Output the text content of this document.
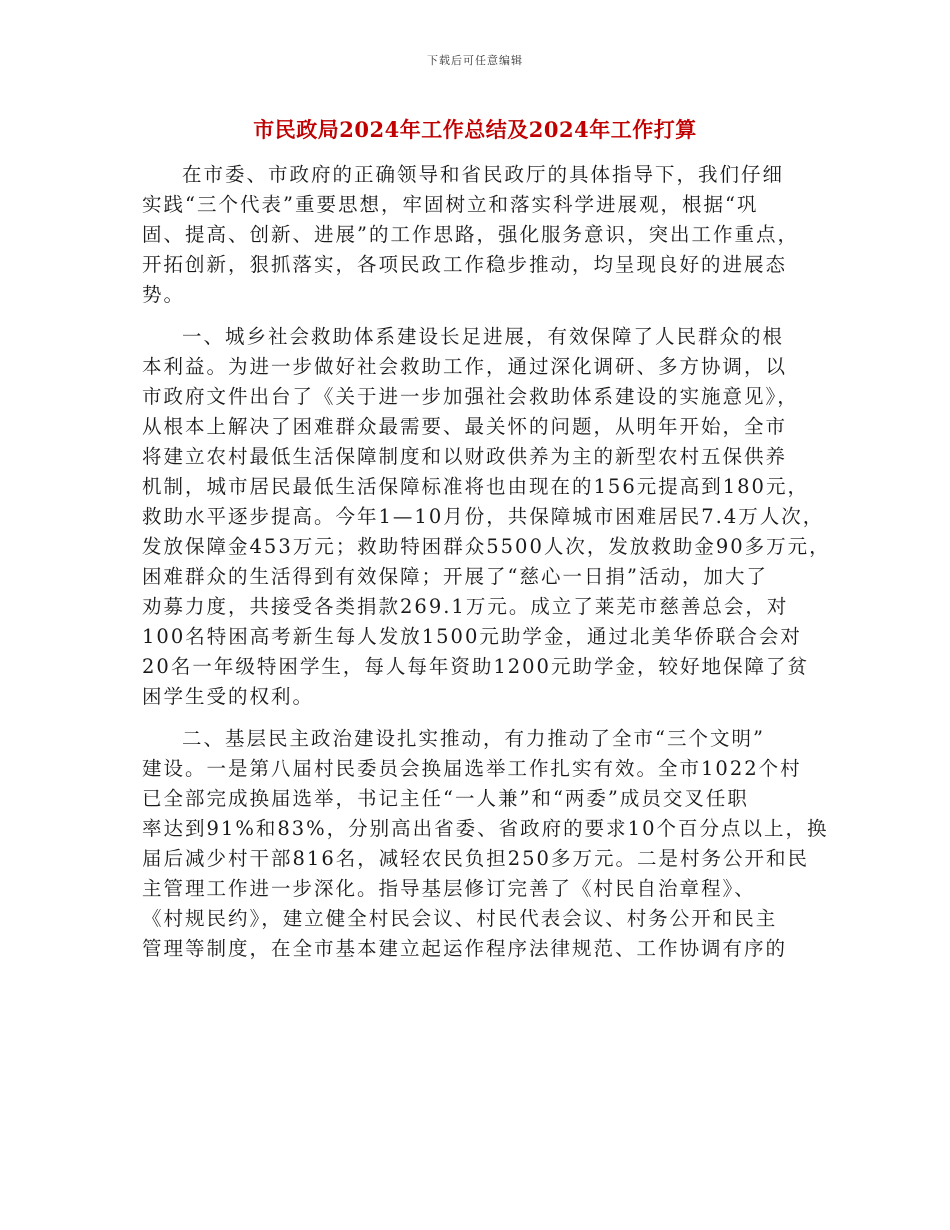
下载后可任意编辑
市民政局2024年工作总结及2024年工作打算
在市委、市政府的正确领导和省民政厅的具体指导下，我们仔细
实践“三个代表”重要思想，牢固树立和落实科学进展观，根据“巩
固、提高、创新、进展”的工作思路，强化服务意识，突出工作重点，
开拓创新，狠抓落实，各项民政工作稳步推动，均呈现良好的进展态
势。
一、城乡社会救助体系建设长足进展，有效保障了人民群众的根
本利益。为进一步做好社会救助工作，通过深化调研、多方协调，以
市政府文件出台了《关于进一步加强社会救助体系建设的实施意见》，
从根本上解决了困难群众最需要、最关怀的问题，从明年开始，全市
将建立农村最低生活保障制度和以财政供养为主的新型农村五保供养
机制，城市居民最低生活保障标准将也由现在的156元提高到180元，
救助水平逐步提高。今年1—10月份，共保障城市困难居民7.4万人次，
发放保障金453万元；救助特困群众5500人次，发放救助金90多万元，
困难群众的生活得到有效保障；开展了“慈心一日捐”活动，加大了
劝募力度，共接受各类捐款269.1万元。成立了莱芜市慈善总会，对
100名特困高考新生每人发放1500元助学金，通过北美华侨联合会对
20名一年级特困学生，每人每年资助1200元助学金，较好地保障了贫
困学生受的权利。
二、基层民主政治建设扎实推动，有力推动了全市“三个文明”
建设。一是第八届村民委员会换届选举工作扎实有效。全市1022个村
已全部完成换届选举，书记主任“一人兼”和“两委”成员交叉任职
率达到91%和83%，分别高出省委、省政府的要求10个百分点以上，换
届后减少村干部816名，减轻农民负担250多万元。二是村务公开和民
主管理工作进一步深化。指导基层修订完善了《村民自治章程》、
《村规民约》，建立健全村民会议、村民代表会议、村务公开和民主
管理等制度，在全市基本建立起运作程序法律规范、工作协调有序的
